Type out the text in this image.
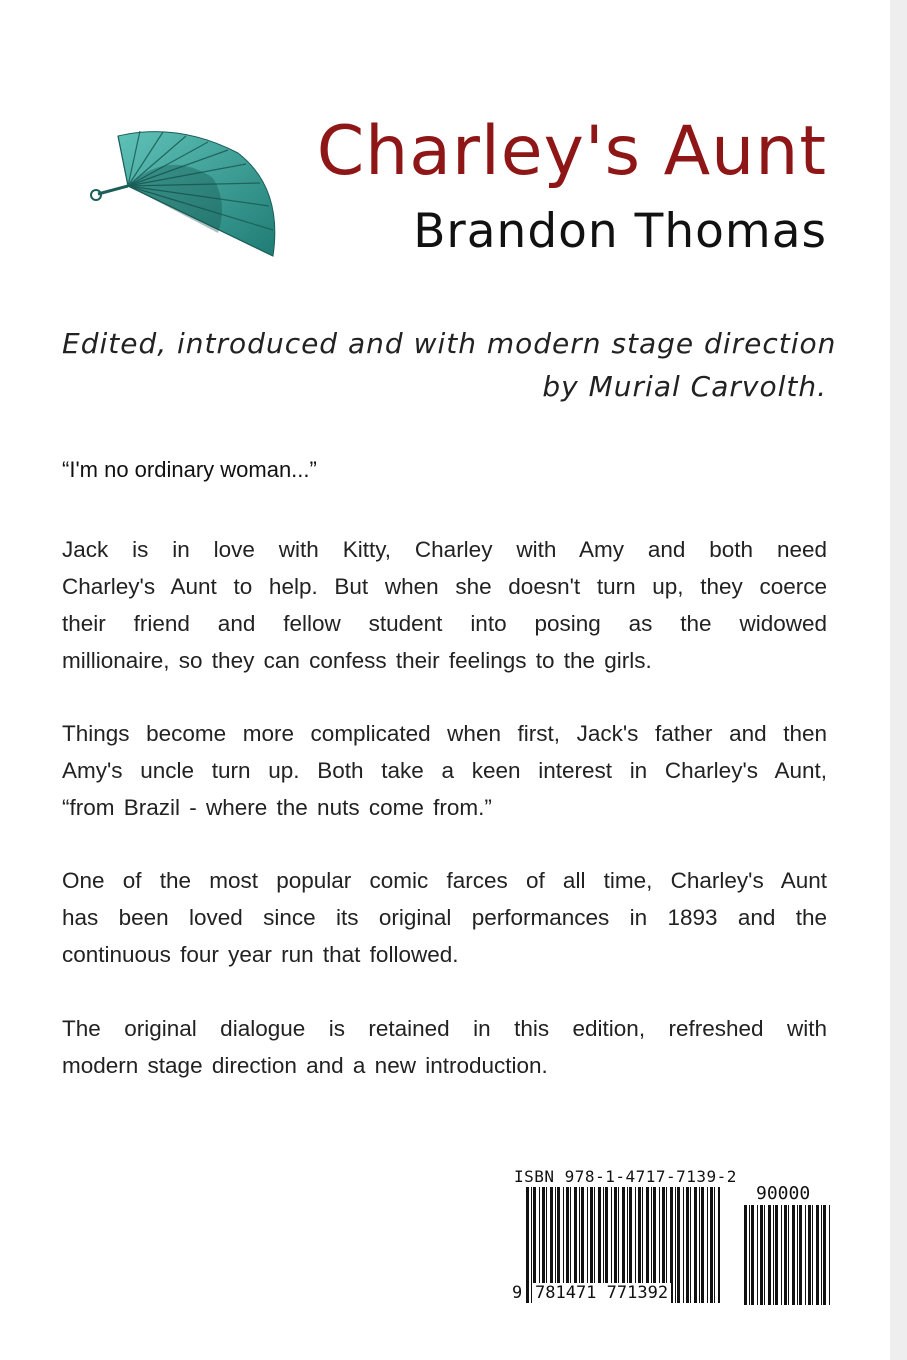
Charley's Aunt
Brandon Thomas
Edited, introduced and with modern stage direction
by Murial Carvolth.
“I'm no ordinary woman...”
Jack is in love with Kitty, Charley with Amy and both need
Charley's Aunt to help. But when she doesn't turn up, they coerce
their friend and fellow student into posing as the widowed
millionaire, so they can confess their feelings to the girls.
Things become more complicated when first, Jack's father and then
Amy's uncle turn up. Both take a keen interest in Charley's Aunt,
“from Brazil - where the nuts come from.”
One of the most popular comic farces of all time, Charley's Aunt
has been loved since its original performances in 1893 and the
continuous four year run that followed.
The original dialogue is retained in this edition, refreshed with
modern stage direction and a new introduction.
ISBN 978-1-4717-7139-2
90000
9 781471 771392
